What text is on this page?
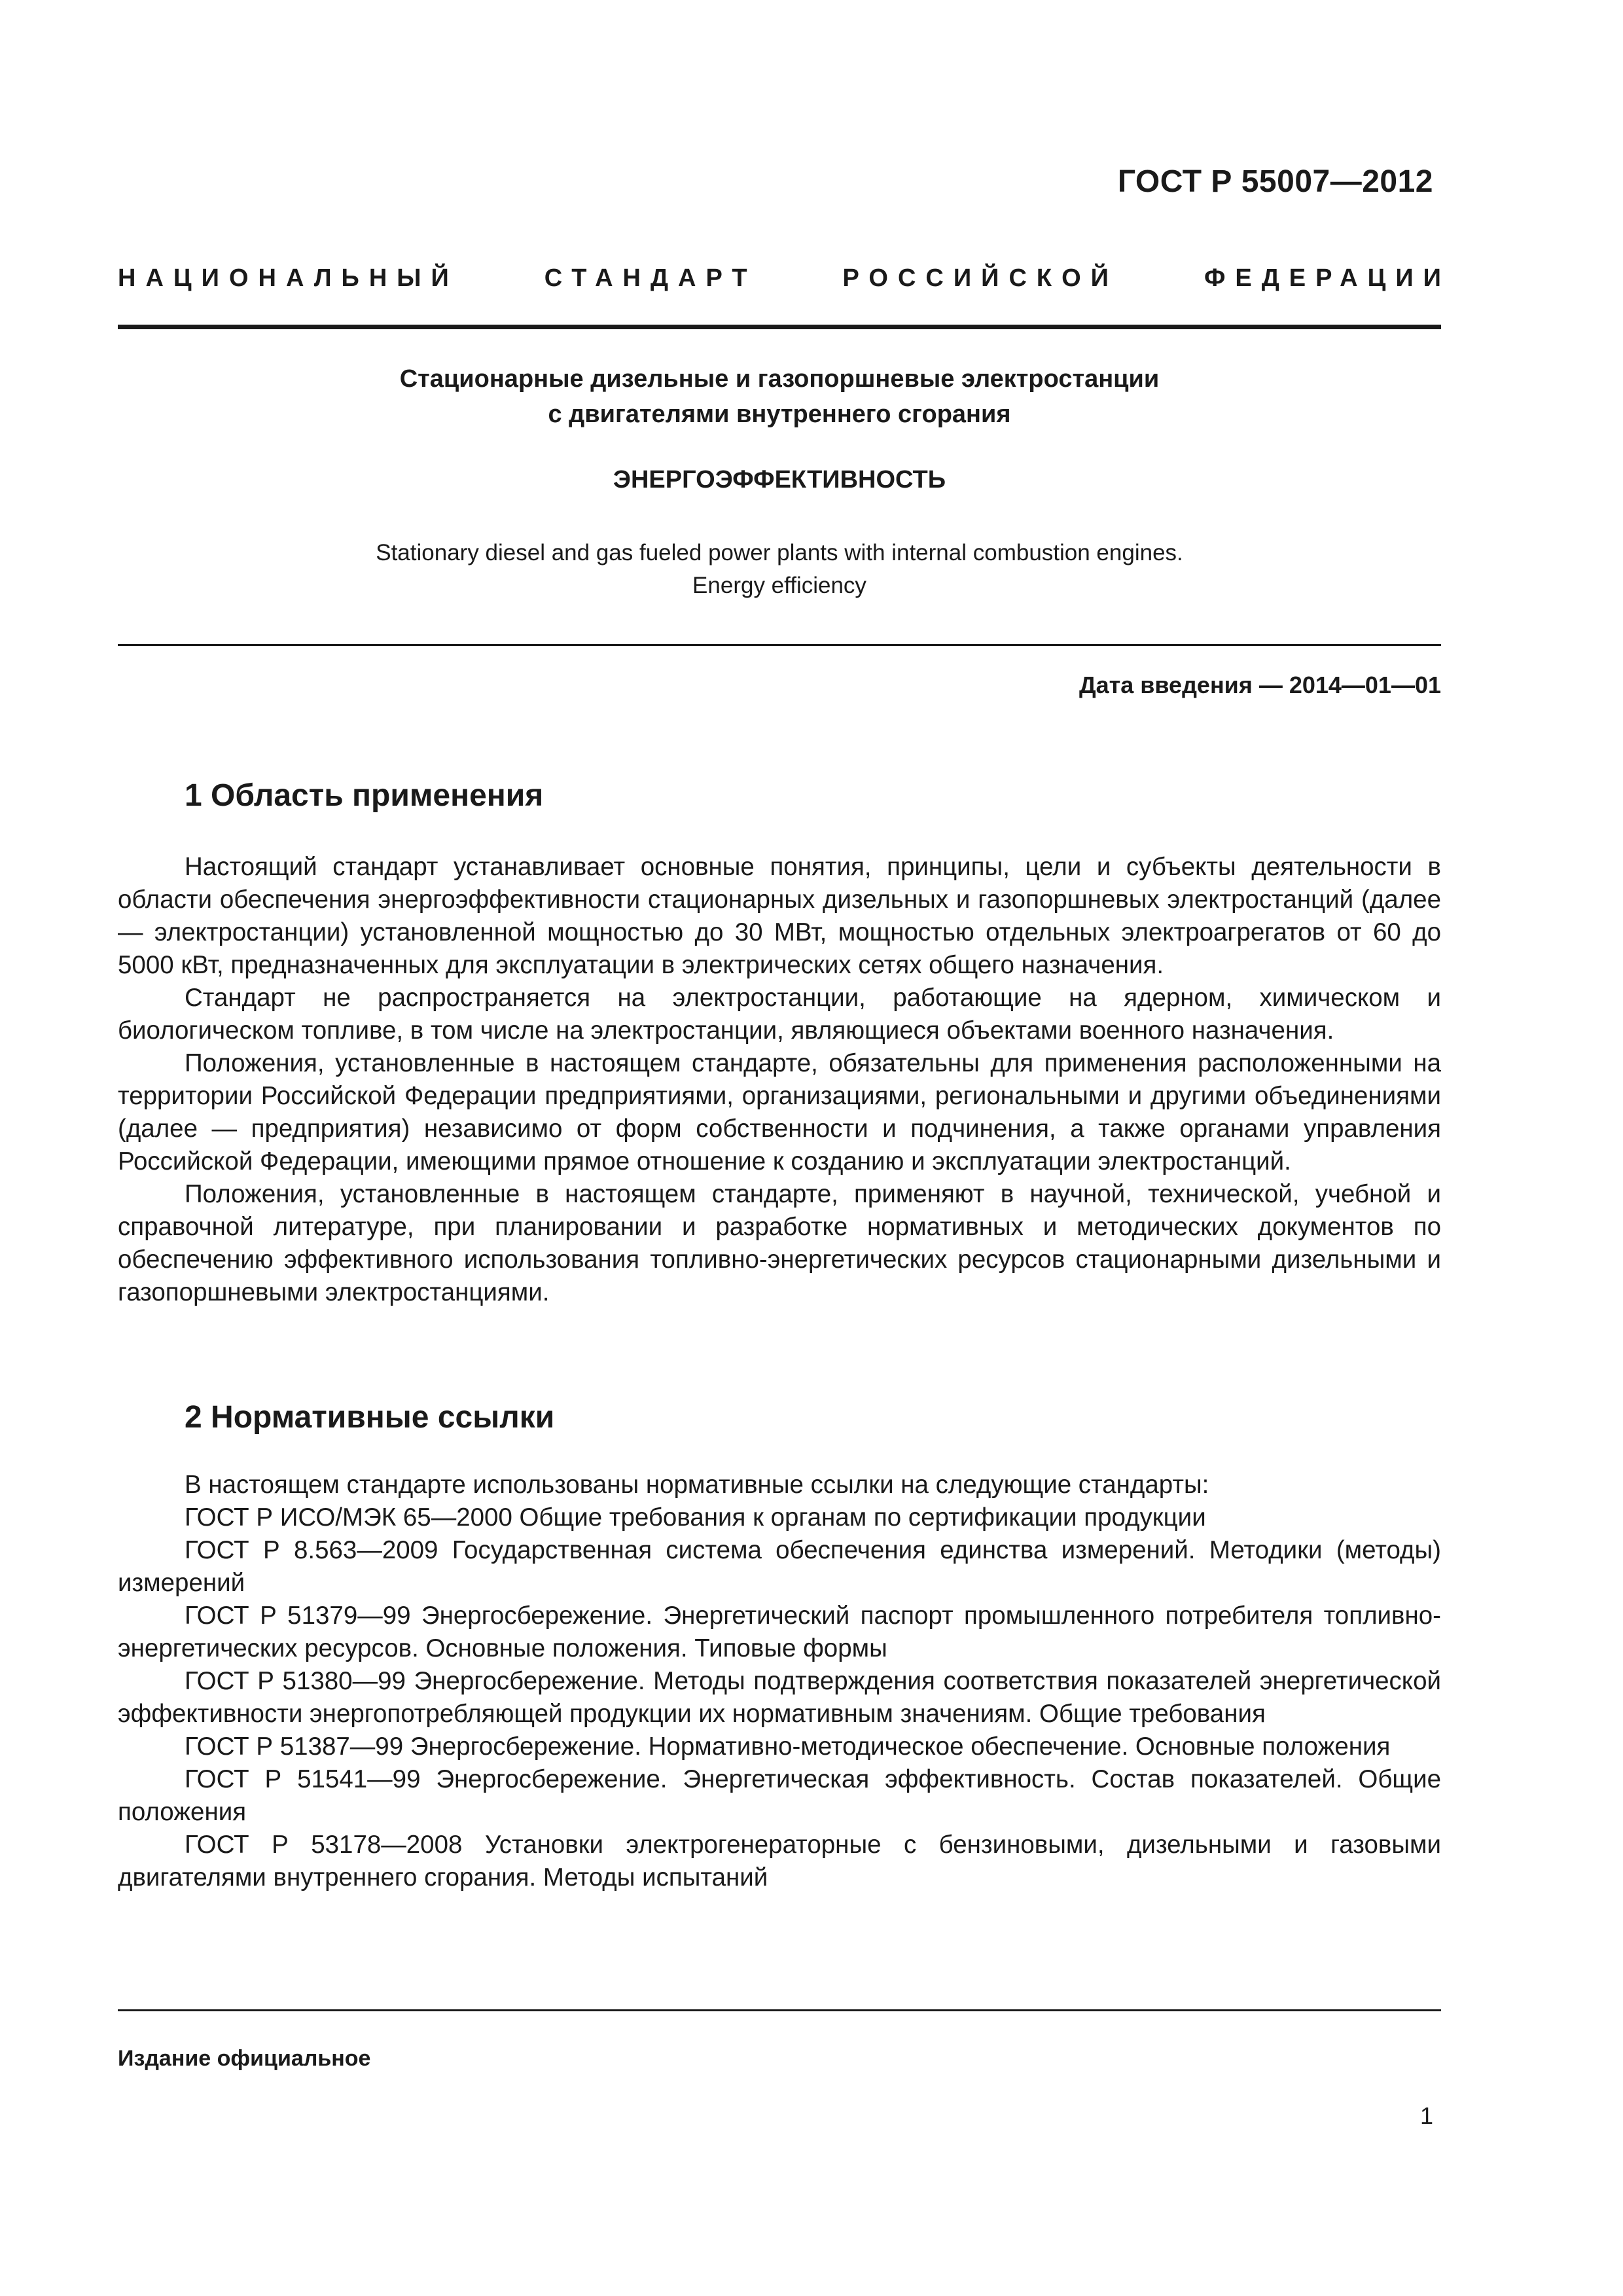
ГОСТ Р 55007—2012
НАЦИОНАЛЬНЫЙ	СТАНДАРТ	РОССИЙСКОЙ	ФЕДЕРАЦИИ
Стационарные дизельные и газопоршневые электростанции
с двигателями внутреннего сгорания
ЭНЕРГОЭФФЕКТИВНОСТЬ
Stationary diesel and gas fueled power plants with internal combustion engines.
Energy efficiency
Дата введения — 2014—01—01
1 Область применения

Настоящий стандарт устанавливает основные понятия, принципы, цели и субъекты деятельности в области обеспечения энергоэффективности стационарных дизельных и газопоршневых электростанций (далее — электростанции) установленной мощностью до 30 МВт, мощностью отдельных электроагрегатов от 60 до 5000 кВт, предназначенных для эксплуатации в электрических сетях общего назначения.

Стандарт не распространяется на электростанции, работающие на ядерном, химическом и биологическом топливе, в том числе на электростанции, являющиеся объектами военного назначения.

Положения, установленные в настоящем стандарте, обязательны для применения расположенными на территории Российской Федерации предприятиями, организациями, региональными и другими объединениями (далее — предприятия) независимо от форм собственности и подчинения, а также органами управления Российской Федерации, имеющими прямое отношение к созданию и эксплуатации электростанций.

Положения, установленные в настоящем стандарте, применяют в научной, технической, учебной и справочной литературе, при планировании и разработке нормативных и методических документов по обеспечению эффективного использования топливно-энергетических ресурсов стационарными дизельными и газопоршневыми электростанциями.

2 Нормативные ссылки

В настоящем стандарте использованы нормативные ссылки на следующие стандарты:

ГОСТ Р ИСО/МЭК 65—2000 Общие требования к органам по сертификации продукции

ГОСТ Р 8.563—2009 Государственная система обеспечения единства измерений. Методики (методы) измерений

ГОСТ Р 51379—99 Энергосбережение. Энергетический паспорт промышленного потребителя топливно-энергетических ресурсов. Основные положения. Типовые формы

ГОСТ Р 51380—99 Энергосбережение. Методы подтверждения соответствия показателей энергетической эффективности энергопотребляющей продукции их нормативным значениям. Общие требования

ГОСТ Р 51387—99 Энергосбережение. Нормативно-методическое обеспечение. Основные положения

ГОСТ Р 51541—99 Энергосбережение. Энергетическая эффективность. Состав показателей. Общие положения

ГОСТ Р 53178—2008 Установки электрогенераторные с бензиновыми, дизельными и газовыми двигателями внутреннего сгорания. Методы испытаний

Издание официальное
1
